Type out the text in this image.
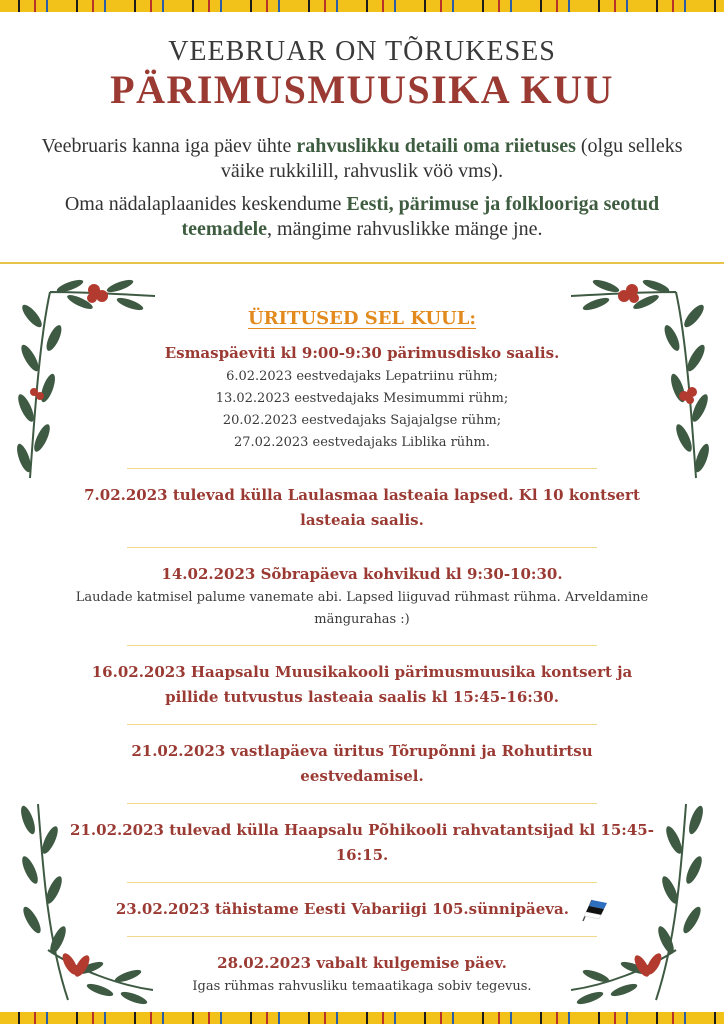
VEEBRUAR ON TÕRUKESES
PÄRIMUSMUUSIKA KUU

Veebruaris kanna iga päev ühte rahvuslikku detaili oma riietuses (olgu selleks väike rukkilill, rahvuslik vöö vms).

Oma nädalaplaanides keskendume Eesti, pärimuse ja folklooriga seotud teemadele, mängime rahvuslikke mänge jne.

ÜRITUSED SEL KUUL:
Esmaspäeviti kl 9:00-9:30 pärimusdisko saalis.
6.02.2023 eestvedajaks Lepatriinu rühm;
13.02.2023 eestvedajaks Mesimummi rühm;
20.02.2023 eestvedajaks Sajajalgse rühm;
27.02.2023 eestvedajaks Liblika rühm.
7.02.2023 tulevad külla Laulasmaa lasteaia lapsed. Kl 10 kontsert lasteaia saalis.
14.02.2023 Sõbrapäeva kohvikud kl 9:30-10:30.
Laudade katmisel palume vanemate abi. Lapsed liiguvad rühmast rühma. Arveldamine mängurahas :)
16.02.2023 Haapsalu Muusikakooli pärimusmuusika kontsert ja pillide tutvustus lasteaia saalis kl 15:45-16:30.
21.02.2023 vastlapäeva üritus Tõrupõnni ja Rohutirtsu eestvedamisel.
21.02.2023 tulevad külla Haapsalu Põhikooli rahvatantsijad kl 15:45-16:15.
23.02.2023 tähistame Eesti Vabariigi 105.sünnipäeva.
28.02.2023 vabalt kulgemise päev.
Igas rühmas rahvusliku temaatikaga sobiv tegevus.
